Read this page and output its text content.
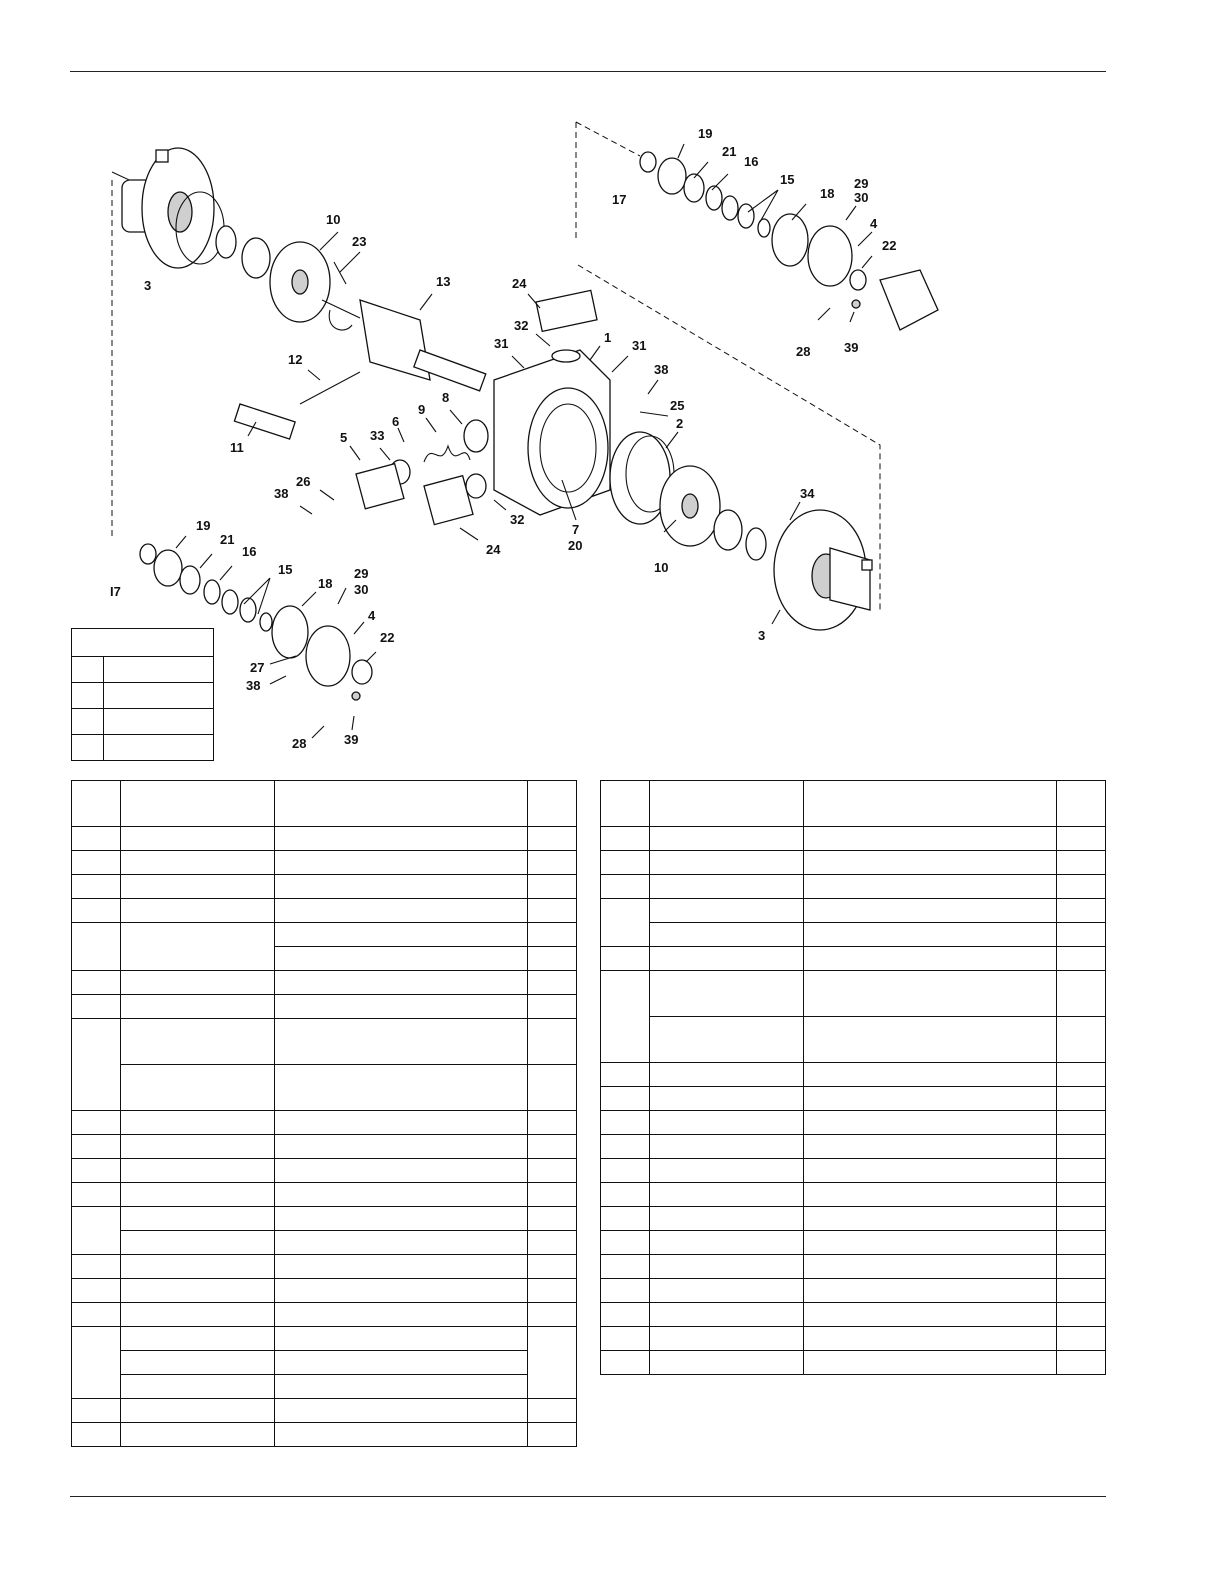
19
21
16
15
17	18
29
30
4
22
28	39
3
10
23
13
12
11
24
32
1
31	31
38
25
2
8
9
6
33
5
26
38
32
24
7
20
34
10
3
19
21
16
15
I7
18
29
30
4
22
27
38
28	39
